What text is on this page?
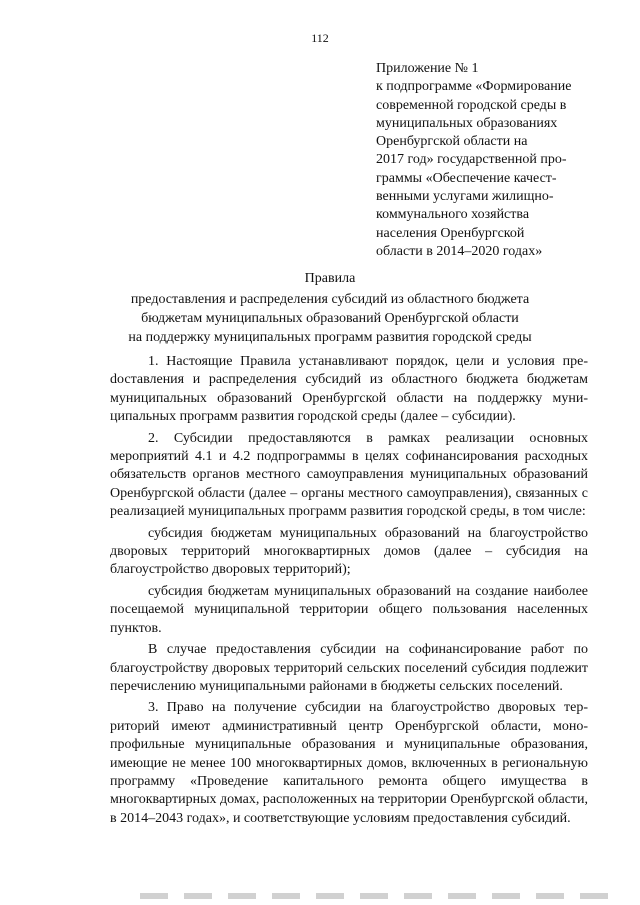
112
Приложение № 1
к подпрограмме «Формирование
современной городской среды в
муниципальных образованиях
Оренбургской области на
2017 год» государственной про-
граммы «Обеспечение качест-
венными услугами жилищно-
коммунального хозяйства
населения Оренбургской
области в 2014–2020 годах»
Правила
предоставления и распределения субсидий из областного бюджета
бюджетам муниципальных образований Оренбургской области
на поддержку муниципальных программ развития городской среды

1. Настоящие Правила устанавливают порядок, цели и условия преdоставления и распределения субсидий из областного бюджета бюджетам муниципальных образований Оренбургской области на поддержку муниципальных программ развития городской среды (далее – субсидии).

2. Субсидии предоставляются в рамках реализации основных мероприятий 4.1 и 4.2 подпрограммы в целях софинансирования расходных обязательств органов местного самоуправления муниципальных образований Оренбургской области (далее – органы местного самоуправления), связанных с реализацией муниципальных программ развития городской среды, в том числе:

субсидия бюджетам муниципальных образований на благоустройство дворовых территорий многоквартирных домов (далее – субсидия на благоустройство дворовых территорий);

субсидия бюджетам муниципальных образований на создание наиболее посещаемой муниципальной территории общего пользования населенных пунктов.

В случае предоставления субсидии на софинансирование работ по благоустройству дворовых территорий сельских поселений субсидия подлежит перечислению муниципальными районами в бюджеты сельских поселений.

3. Право на получение субсидии на благоустройство дворовых территорий имеют административный центр Оренбургской области, монопрофильные муниципальные образования и муниципальные образования, имеющие не менее 100 многоквартирных домов, включенных в региональную программу «Проведение капитального ремонта общего имущества в многоквартирных домах, расположенных на территории Оренбургской области, в 2014–2043 годах», и соответствующие условиям предоставления субсидий.
